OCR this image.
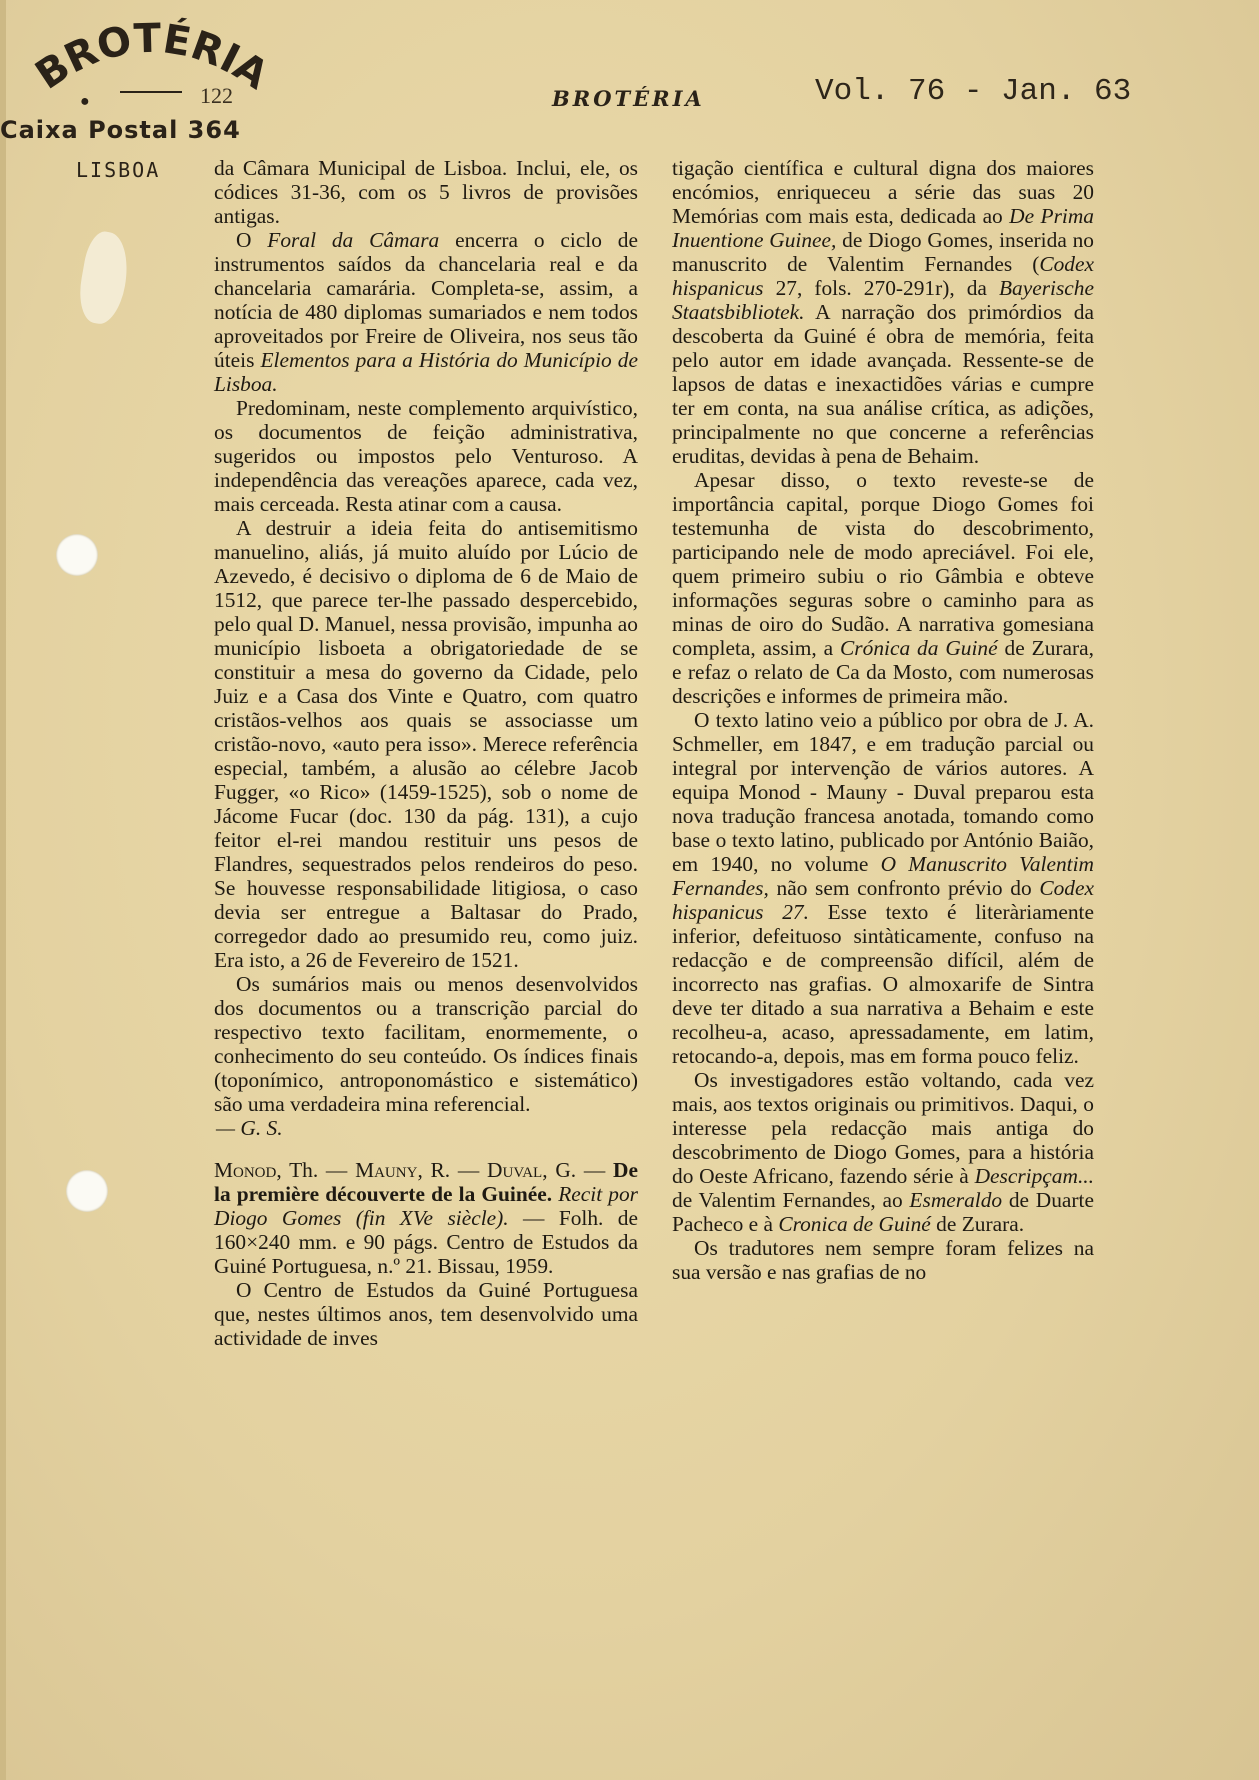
BROTÉRIA
●	122
Caixa Postal 364
LISBOA
BROTÉRIA	Vol. 76 - Jan. 63

da Câmara Municipal de Lisboa. Inclui, ele, os códices 31-36, com os 5 livros de provisões antigas.

O Foral da Câmara encerra o ciclo de instrumentos saídos da chancelaria real e da chancelaria camarária. Completa-se, assim, a notícia de 480 diplomas sumariados e nem todos aproveitados por Freire de Oliveira, nos seus tão úteis Elementos para a História do Município de Lisboa.

Predominam, neste complemento arquivístico, os documentos de feição administrativa, sugeridos ou impostos pelo Venturoso. A independência das vereações aparece, cada vez, mais cerceada. Resta atinar com a causa.

A destruir a ideia feita do antisemitismo manuelino, aliás, já muito aluído por Lúcio de Azevedo, é decisivo o diploma de 6 de Maio de 1512, que parece ter-lhe passado despercebido, pelo qual D. Manuel, nessa provisão, impunha ao município lisboeta a obrigatoriedade de se constituir a mesa do governo da Cidade, pelo Juiz e a Casa dos Vinte e Quatro, com quatro cristãos-velhos aos quais se associasse um cristão-novo, «auto pera isso». Merece referência especial, também, a alusão ao célebre Jacob Fugger, «o Rico» (1459-1525), sob o nome de Jácome Fucar (doc. 130 da pág. 131), a cujo feitor el-rei mandou restituir uns pesos de Flandres, sequestrados pelos rendeiros do peso. Se houvesse responsabilidade litigiosa, o caso devia ser entregue a Baltasar do Prado, corregedor dado ao presumido reu, como juiz. Era isto, a 26 de Fevereiro de 1521.

Os sumários mais ou menos desenvolvidos dos documentos ou a transcrição parcial do respectivo texto facilitam, enormemente, o conhecimento do seu conteúdo. Os índices finais (toponímico, antroponomástico e sistemático) são uma verdadeira mina referencial.
— G. S.

Monod, Th. — Mauny, R. — Duval, G. — De la première découverte de la Guinée. Recit por Diogo Gomes (fin XVe siècle). — Folh. de 160×240 mm. e 90 págs. Centro de Estudos da Guiné Portuguesa, n.º 21. Bissau, 1959.

O Centro de Estudos da Guiné Portuguesa que, nestes últimos anos, tem desenvolvido uma actividade de inves

tigação científica e cultural digna dos maiores encómios, enriqueceu a série das suas 20 Memórias com mais esta, dedicada ao De Prima Inuentione Guinee, de Diogo Gomes, inserida no manuscrito de Valentim Fernandes (Codex hispanicus 27, fols. 270-291r), da Bayerische Staatsbibliotek. A narração dos primórdios da descoberta da Guiné é obra de memória, feita pelo autor em idade avançada. Ressente-se de lapsos de datas e inexactidões várias e cumpre ter em conta, na sua análise crítica, as adições, principalmente no que concerne a referências eruditas, devidas à pena de Behaim.

Apesar disso, o texto reveste-se de importância capital, porque Diogo Gomes foi testemunha de vista do descobrimento, participando nele de modo apreciável. Foi ele, quem primeiro subiu o rio Gâmbia e obteve informações seguras sobre o caminho para as minas de oiro do Sudão. A narrativa gomesiana completa, assim, a Crónica da Guiné de Zurara, e refaz o relato de Ca da Mosto, com numerosas descrições e informes de primeira mão.

O texto latino veio a público por obra de J. A. Schmeller, em 1847, e em tradução parcial ou integral por intervenção de vários autores. A equipa Monod - Mauny - Duval preparou esta nova tradução francesa anotada, tomando como base o texto latino, publicado por António Baião, em 1940, no volume O Manuscrito Valentim Fernandes, não sem confronto prévio do Codex hispanicus 27. Esse texto é literàriamente inferior, defeituoso sintàticamente, confuso na redacção e de compreensão difícil, além de incorrecto nas grafias. O almoxarife de Sintra deve ter ditado a sua narrativa a Behaim e este recolheu-a, acaso, apressadamente, em latim, retocando-a, depois, mas em forma pouco feliz.

Os investigadores estão voltando, cada vez mais, aos textos originais ou primitivos. Daqui, o interesse pela redacção mais antiga do descobrimento de Diogo Gomes, para a história do Oeste Africano, fazendo série à Descripçam... de Valentim Fernandes, ao Esmeraldo de Duarte Pacheco e à Cronica de Guiné de Zurara.

Os tradutores nem sempre foram felizes na sua versão e nas grafias de no
